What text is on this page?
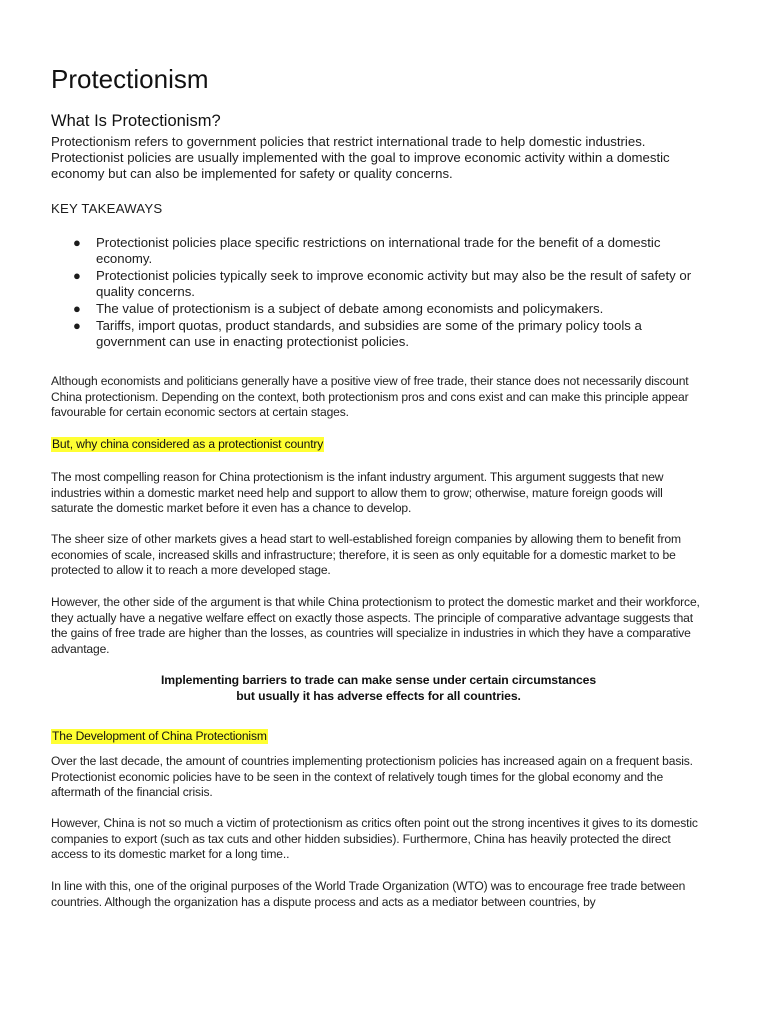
Protectionism
What Is Protectionism?

Protectionism refers to government policies that restrict international trade to help domestic industries. Protectionist policies are usually implemented with the goal to improve economic activity within a domestic economy but can also be implemented for safety or quality concerns.

KEY TAKEAWAYS

● Protectionist policies place specific restrictions on international trade for the benefit of a domestic economy.
● Protectionist policies typically seek to improve economic activity but may also be the result of safety or quality concerns.
● The value of protectionism is a subject of debate among economists and policymakers.
● Tariffs, import quotas, product standards, and subsidies are some of the primary policy tools a government can use in enacting protectionist policies.

Although economists and politicians generally have a positive view of free trade, their stance does not necessarily discount China protectionism. Depending on the context, both protectionism pros and cons exist and can make this principle appear favourable for certain economic sectors at certain stages.

But, why china considered as a protectionist country

The most compelling reason for China protectionism is the infant industry argument. This argument suggests that new industries within a domestic market need help and support to allow them to grow; otherwise, mature foreign goods will saturate the domestic market before it even has a chance to develop.

The sheer size of other markets gives a head start to well-established foreign companies by allowing them to benefit from economies of scale, increased skills and infrastructure; therefore, it is seen as only equitable for a domestic market to be protected to allow it to reach a more developed stage.

However, the other side of the argument is that while China protectionism to protect the domestic market and their workforce, they actually have a negative welfare effect on exactly those aspects. The principle of comparative advantage suggests that the gains of free trade are higher than the losses, as countries will specialize in industries in which they have a comparative advantage.

Implementing barriers to trade can make sense under certain circumstances
but usually it has adverse effects for all countries.

The Development of China Protectionism

Over the last decade, the amount of countries implementing protectionism policies has increased again on a frequent basis. Protectionist economic policies have to be seen in the context of relatively tough times for the global economy and the aftermath of the financial crisis.

However, China is not so much a victim of protectionism as critics often point out the strong incentives it gives to its domestic companies to export (such as tax cuts and other hidden subsidies). Furthermore, China has heavily protected the direct access to its domestic market for a long time..

In line with this, one of the original purposes of the World Trade Organization (WTO) was to encourage free trade between countries. Although the organization has a dispute process and acts as a mediator between countries, by
